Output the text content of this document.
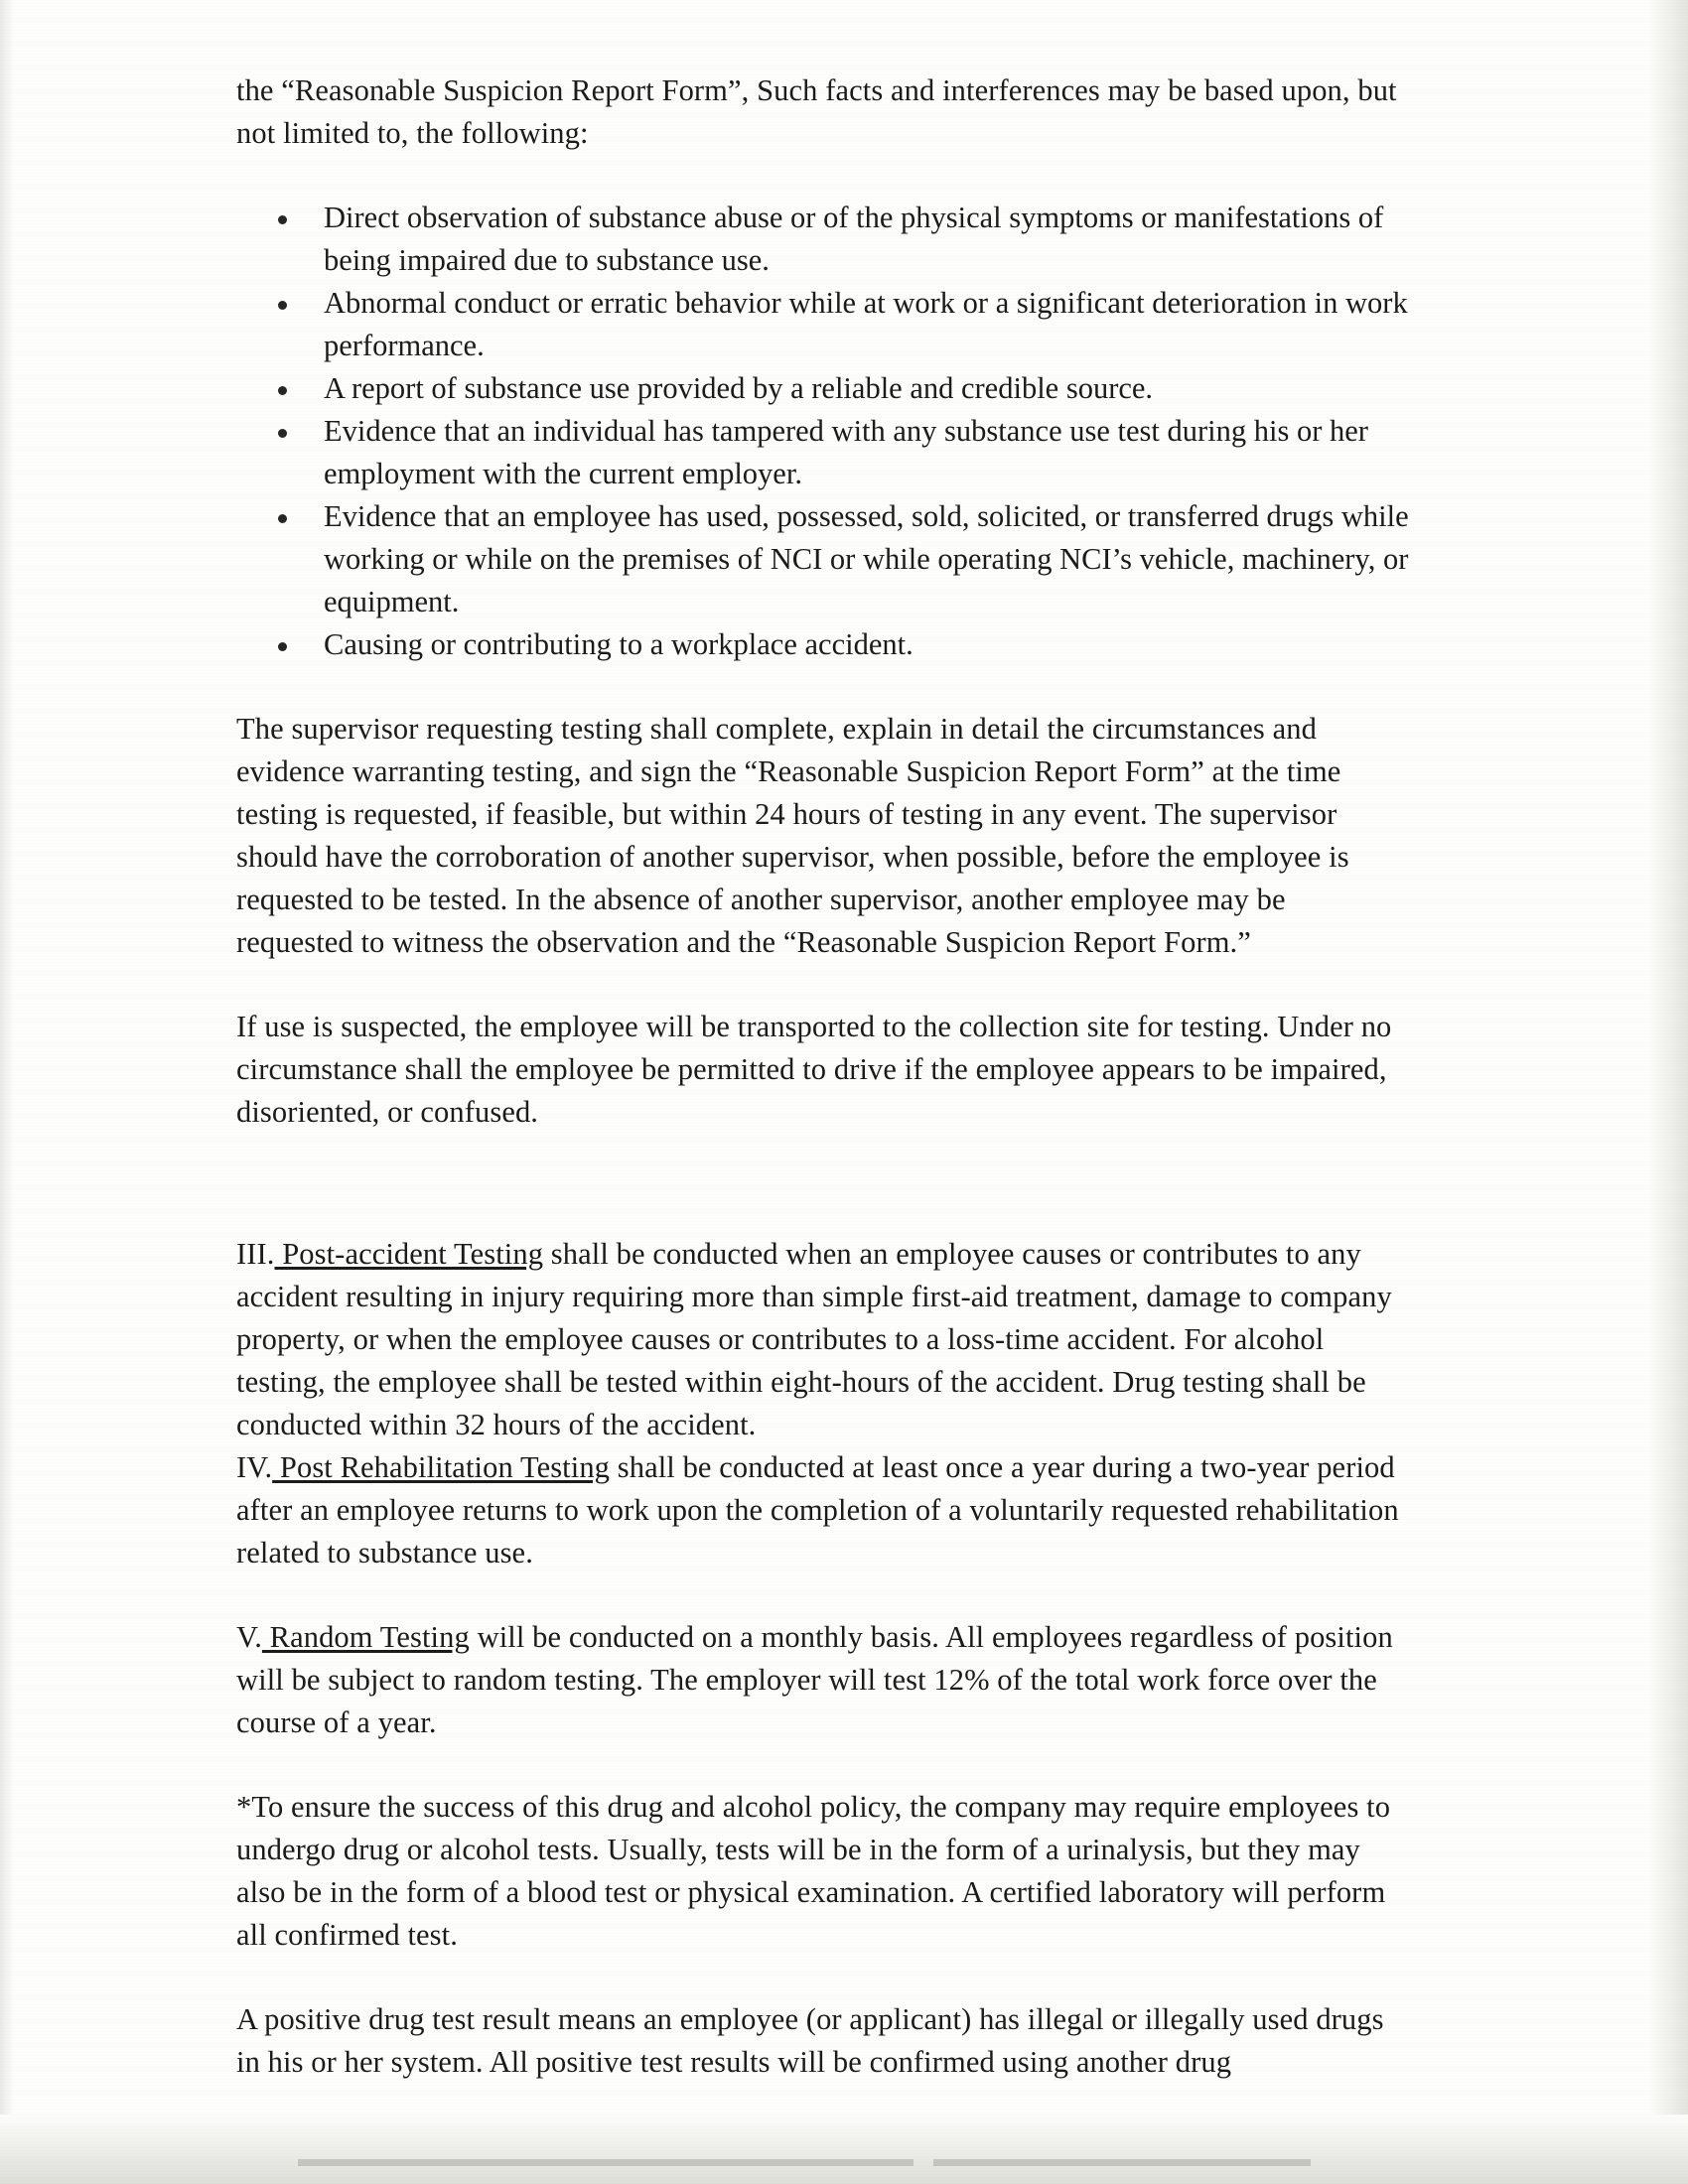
the “Reasonable Suspicion Report Form”, Such facts and interferences may be based upon, but not limited to, the following:

Direct observation of substance abuse or of the physical symptoms or manifestations of being impaired due to substance use.
Abnormal conduct or erratic behavior while at work or a significant deterioration in work performance.
A report of substance use provided by a reliable and credible source.
Evidence that an individual has tampered with any substance use test during his or her employment with the current employer.
Evidence that an employee has used, possessed, sold, solicited, or transferred drugs while working or while on the premises of NCI or while operating NCI’s vehicle, machinery, or equipment.
Causing or contributing to a workplace accident.

The supervisor requesting testing shall complete, explain in detail the circumstances and evidence warranting testing, and sign the “Reasonable Suspicion Report Form” at the time testing is requested, if feasible, but within 24 hours of testing in any event. The supervisor should have the corroboration of another supervisor, when possible, before the employee is requested to be tested. In the absence of another supervisor, another employee may be requested to witness the observation and the “Reasonable Suspicion Report Form.”

If use is suspected, the employee will be transported to the collection site for testing. Under no circumstance shall the employee be permitted to drive if the employee appears to be impaired, disoriented, or confused.

III. Post-accident Testing shall be conducted when an employee causes or contributes to any accident resulting in injury requiring more than simple first-aid treatment, damage to company property, or when the employee causes or contributes to a loss-time accident. For alcohol testing, the employee shall be tested within eight-hours of the accident. Drug testing shall be conducted within 32 hours of the accident.

IV. Post Rehabilitation Testing shall be conducted at least once a year during a two-year period after an employee returns to work upon the completion of a voluntarily requested rehabilitation related to substance use.

V. Random Testing will be conducted on a monthly basis. All employees regardless of position will be subject to random testing. The employer will test 12% of the total work force over the course of a year.

*To ensure the success of this drug and alcohol policy, the company may require employees to undergo drug or alcohol tests. Usually, tests will be in the form of a urinalysis, but they may also be in the form of a blood test or physical examination. A certified laboratory will perform all confirmed test.

A positive drug test result means an employee (or applicant) has illegal or illegally used drugs in his or her system. All positive test results will be confirmed using another drug
